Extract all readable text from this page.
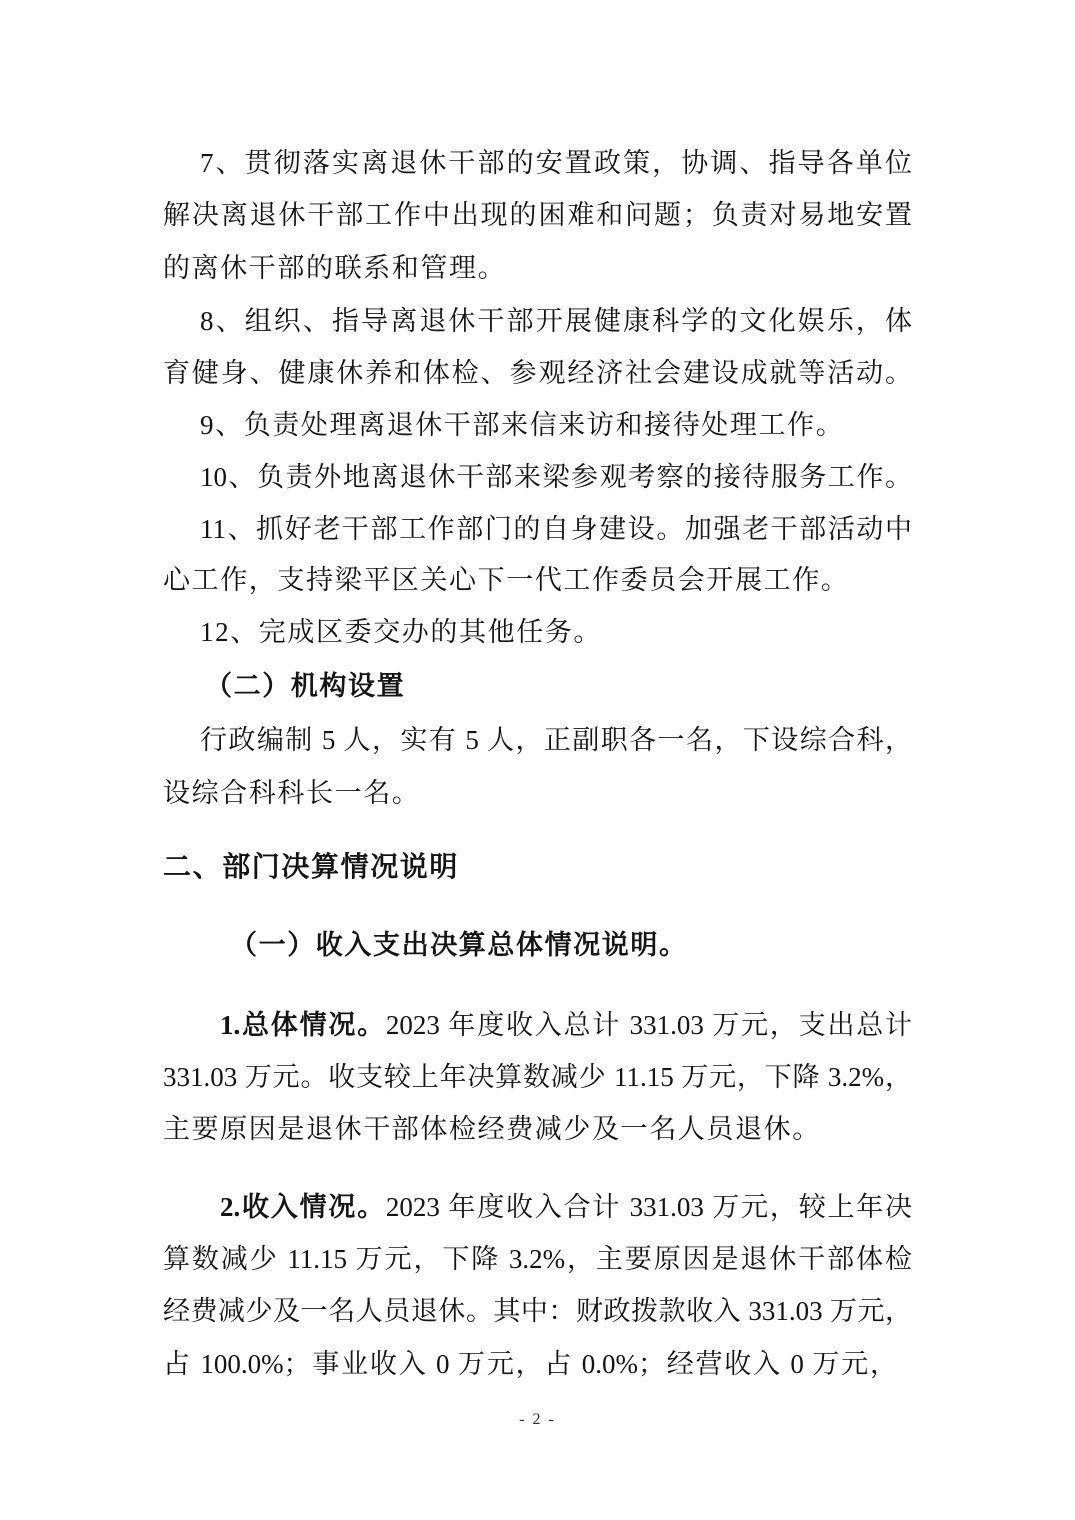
7、贯彻落实离退休干部的安置政策，协调、指导各单位
解决离退休干部工作中出现的困难和问题；负责对易地安置
的离休干部的联系和管理。
8、组织、指导离退休干部开展健康科学的文化娱乐，体
育健身、健康休养和体检、参观经济社会建设成就等活动。
9、负责处理离退休干部来信来访和接待处理工作。
10、负责外地离退休干部来梁参观考察的接待服务工作。
11、抓好老干部工作部门的自身建设。加强老干部活动中
心工作，支持梁平区关心下一代工作委员会开展工作。
12、完成区委交办的其他任务。
（二）机构设置
行政编制 5 人，实有 5 人，正副职各一名，下设综合科，
设综合科科长一名。
二、部门决算情况说明
（一）收入支出决算总体情况说明。
1.总体情况。2023 年度收入总计 331.03 万元，支出总计
331.03 万元。收支较上年决算数减少 11.15 万元，下降 3.2%，
主要原因是退休干部体检经费减少及一名人员退休。
2.收入情况。2023 年度收入合计 331.03 万元，较上年决
算数减少 11.15 万元，下降 3.2%，主要原因是退休干部体检
经费减少及一名人员退休。其中：财政拨款收入 331.03 万元，
占 100.0%；事业收入 0 万元，占 0.0%；经营收入 0 万元，
- 2 -
